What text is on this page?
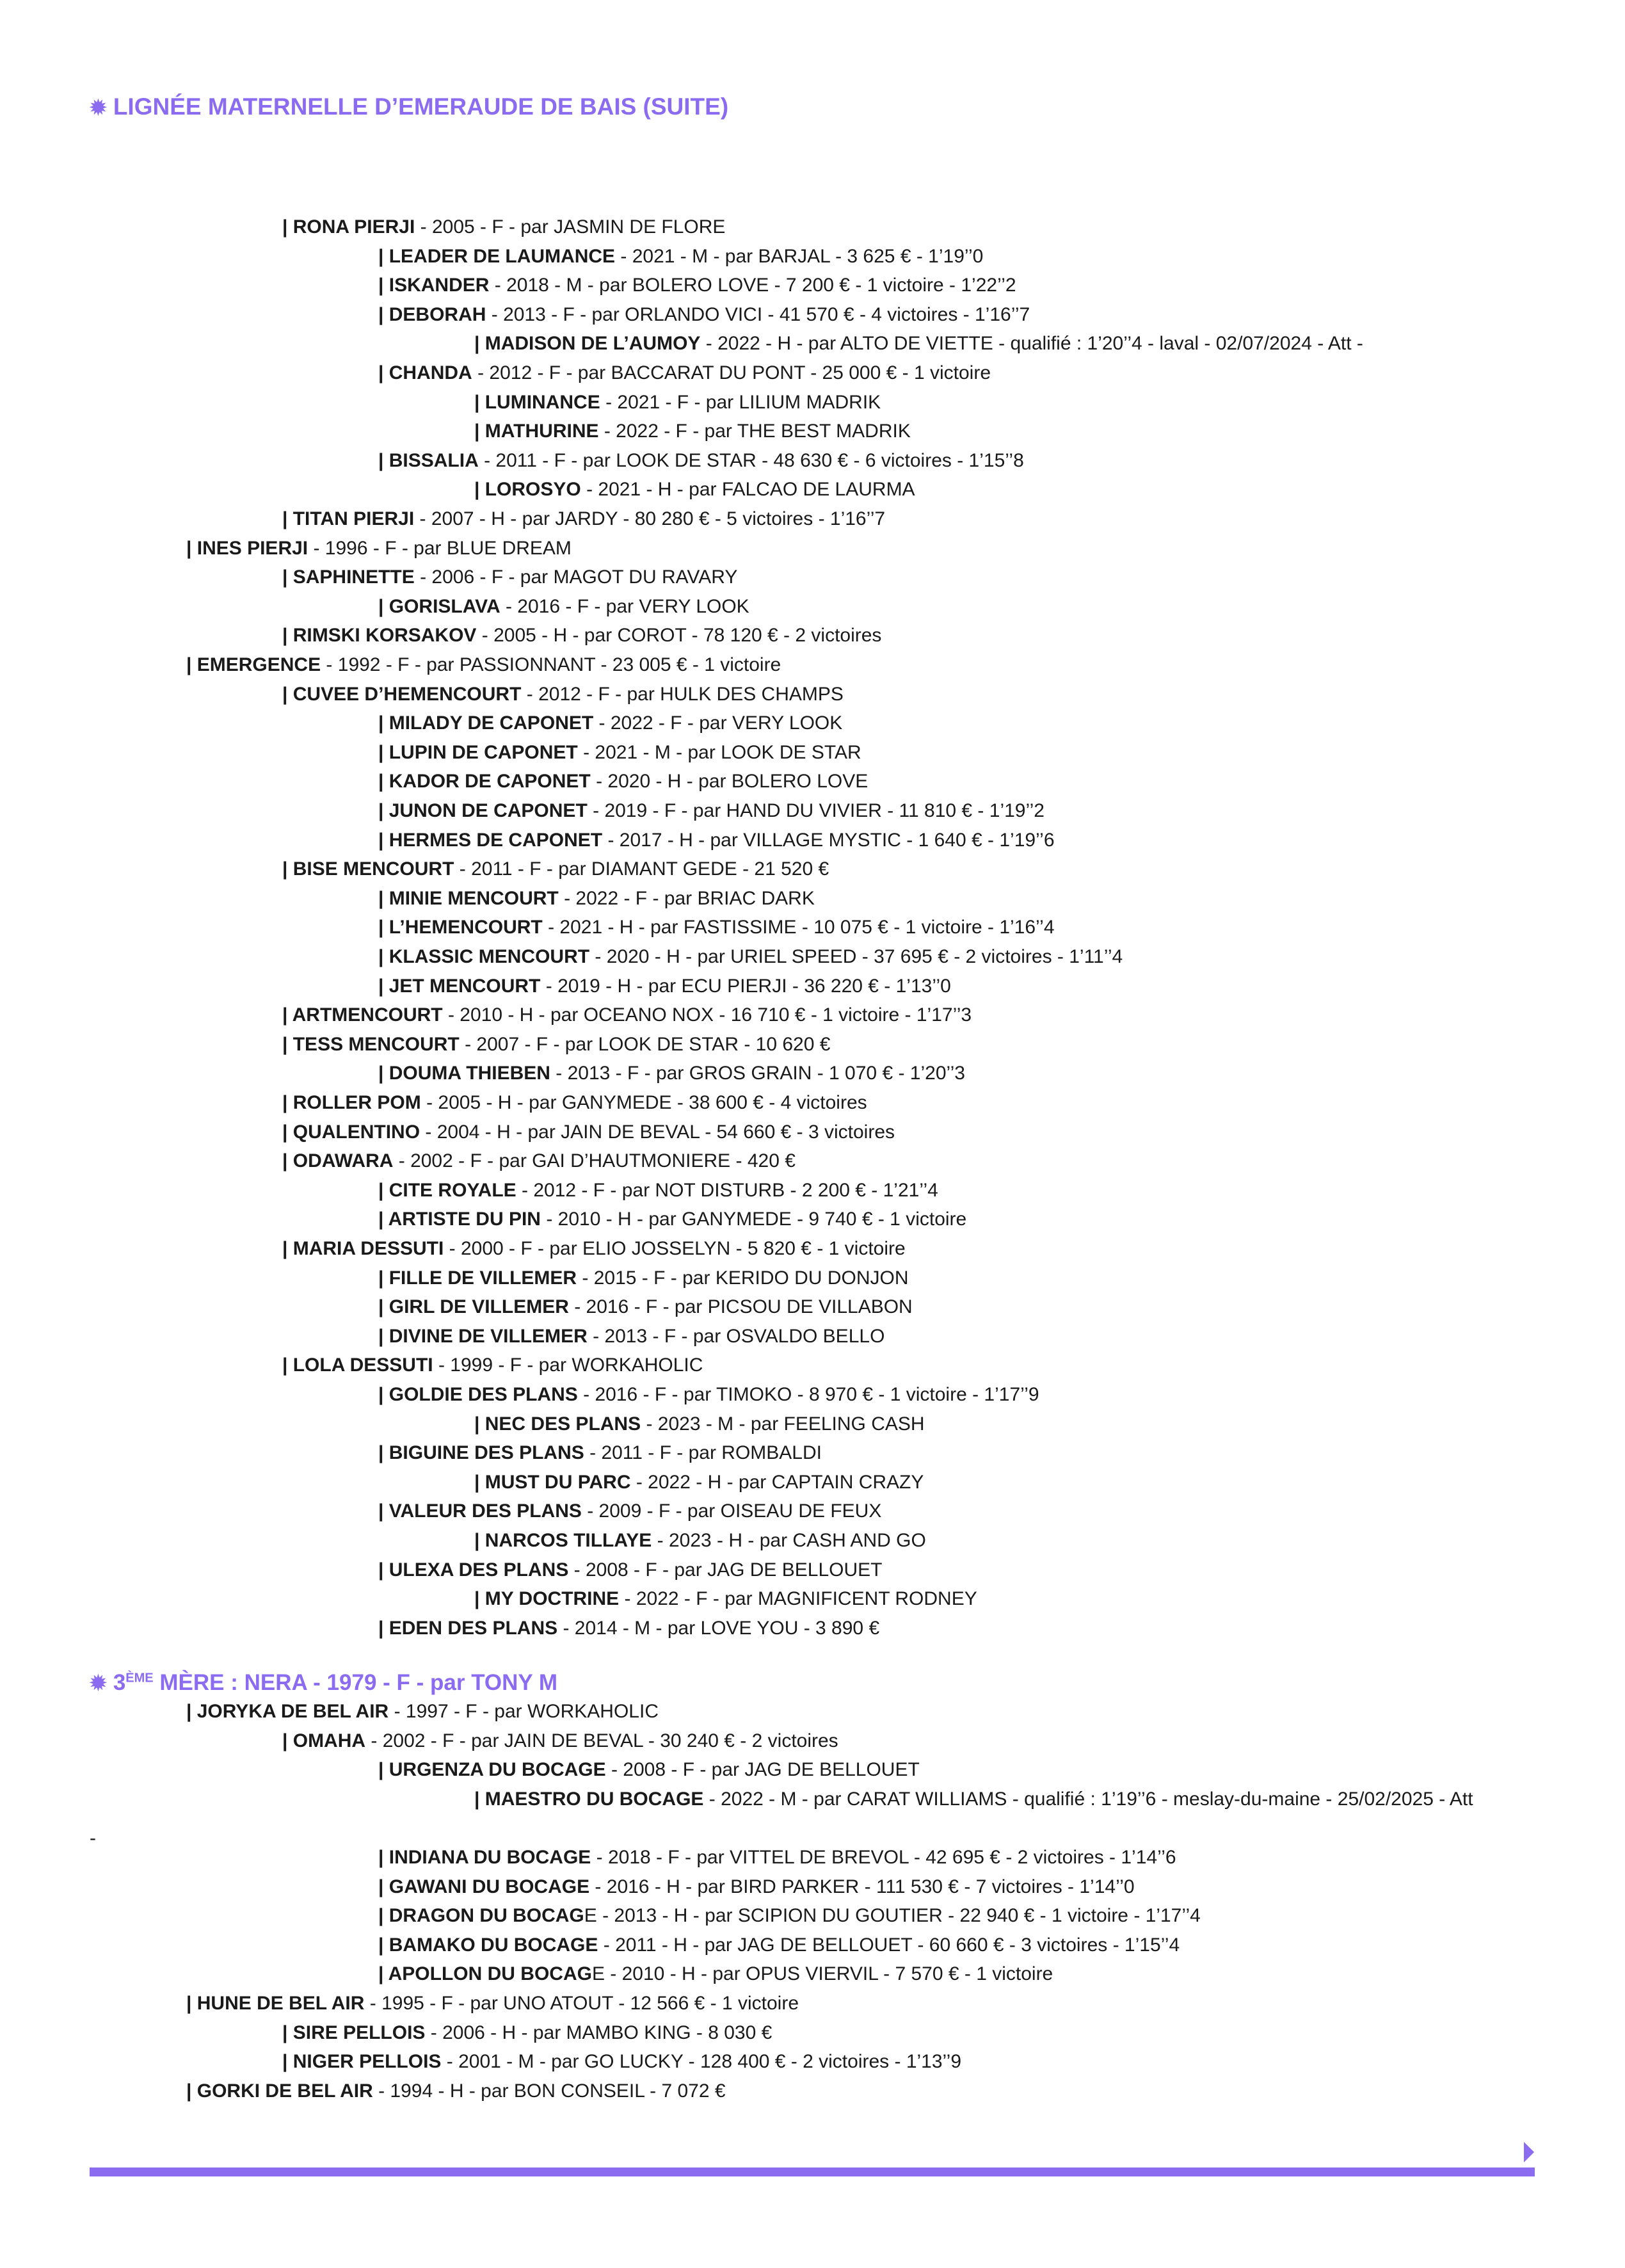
✹ LIGNÉE MATERNELLE D’EMERAUDE DE BAIS (SUITE)
| RONA PIERJI - 2005 - F - par JASMIN DE FLORE
| LEADER DE LAUMANCE - 2021 - M - par BARJAL - 3 625 € - 1’19’’0
| ISKANDER - 2018 - M - par BOLERO LOVE - 7 200 € - 1 victoire - 1’22’’2
| DEBORAH - 2013 - F - par ORLANDO VICI - 41 570 € - 4 victoires - 1’16’’7
| MADISON DE L’AUMOY - 2022 - H - par ALTO DE VIETTE - qualifié : 1’20’’4 - laval - 02/07/2024 - Att -
| CHANDA - 2012 - F - par BACCARAT DU PONT - 25 000 € - 1 victoire
| LUMINANCE - 2021 - F - par LILIUM MADRIK
| MATHURINE - 2022 - F - par THE BEST MADRIK
| BISSALIA - 2011 - F - par LOOK DE STAR - 48 630 € - 6 victoires - 1’15’’8
| LOROSYO - 2021 - H - par FALCAO DE LAURMA
| TITAN PIERJI - 2007 - H - par JARDY - 80 280 € - 5 victoires - 1’16’’7
| INES PIERJI - 1996 - F - par BLUE DREAM
| SAPHINETTE - 2006 - F - par MAGOT DU RAVARY
| GORISLAVA - 2016 - F - par VERY LOOK
| RIMSKI KORSAKOV - 2005 - H - par COROT - 78 120 € - 2 victoires
| EMERGENCE - 1992 - F - par PASSIONNANT - 23 005 € - 1 victoire
| CUVEE D’HEMENCOURT - 2012 - F - par HULK DES CHAMPS
| MILADY DE CAPONET - 2022 - F - par VERY LOOK
| LUPIN DE CAPONET - 2021 - M - par LOOK DE STAR
| KADOR DE CAPONET - 2020 - H - par BOLERO LOVE
| JUNON DE CAPONET - 2019 - F - par HAND DU VIVIER - 11 810 € - 1’19’’2
| HERMES DE CAPONET - 2017 - H - par VILLAGE MYSTIC - 1 640 € - 1’19’’6
| BISE MENCOURT - 2011 - F - par DIAMANT GEDE - 21 520 €
| MINIE MENCOURT - 2022 - F - par BRIAC DARK
| L’HEMENCOURT - 2021 - H - par FASTISSIME - 10 075 € - 1 victoire - 1’16’’4
| KLASSIC MENCOURT - 2020 - H - par URIEL SPEED - 37 695 € - 2 victoires - 1’11’’4
| JET MENCOURT - 2019 - H - par ECU PIERJI - 36 220 € - 1’13’’0
| ARTMENCOURT - 2010 - H - par OCEANO NOX - 16 710 € - 1 victoire - 1’17’’3
| TESS MENCOURT - 2007 - F - par LOOK DE STAR - 10 620 €
| DOUMA THIEBEN - 2013 - F - par GROS GRAIN - 1 070 € - 1’20’’3
| ROLLER POM - 2005 - H - par GANYMEDE - 38 600 € - 4 victoires
| QUALENTINO - 2004 - H - par JAIN DE BEVAL - 54 660 € - 3 victoires
| ODAWARA - 2002 - F - par GAI D’HAUTMONIERE - 420 €
| CITE ROYALE - 2012 - F - par NOT DISTURB - 2 200 € - 1’21’’4
| ARTISTE DU PIN - 2010 - H - par GANYMEDE - 9 740 € - 1 victoire
| MARIA DESSUTI - 2000 - F - par ELIO JOSSELYN - 5 820 € - 1 victoire
| FILLE DE VILLEMER - 2015 - F - par KERIDO DU DONJON
| GIRL DE VILLEMER - 2016 - F - par PICSOU DE VILLABON
| DIVINE DE VILLEMER - 2013 - F - par OSVALDO BELLO
| LOLA DESSUTI - 1999 - F - par WORKAHOLIC
| GOLDIE DES PLANS - 2016 - F - par TIMOKO - 8 970 € - 1 victoire - 1’17’’9
| NEC DES PLANS - 2023 - M - par FEELING CASH
| BIGUINE DES PLANS - 2011 - F - par ROMBALDI
| MUST DU PARC - 2022 - H - par CAPTAIN CRAZY
| VALEUR DES PLANS - 2009 - F - par OISEAU DE FEUX
| NARCOS TILLAYE - 2023 - H - par CASH AND GO
| ULEXA DES PLANS - 2008 - F - par JAG DE BELLOUET
| MY DOCTRINE - 2022 - F - par MAGNIFICENT RODNEY
| EDEN DES PLANS - 2014 - M - par LOVE YOU - 3 890 €
✹ 3ÈME MÈRE : NERA - 1979 - F - par TONY M
| JORYKA DE BEL AIR - 1997 - F - par WORKAHOLIC
| OMAHA - 2002 - F - par JAIN DE BEVAL - 30 240 € - 2 victoires
| URGENZA DU BOCAGE - 2008 - F - par JAG DE BELLOUET
| MAESTRO DU BOCAGE - 2022 - M - par CARAT WILLIAMS - qualifié : 1’19’’6 - meslay-du-maine - 25/02/2025 - Att
| INDIANA DU BOCAGE - 2018 - F - par VITTEL DE BREVOL - 42 695 € - 2 victoires - 1’14’’6
| GAWANI DU BOCAGE - 2016 - H - par BIRD PARKER - 111 530 € - 7 victoires - 1’14’’0
| DRAGON DU BOCAGE - 2013 - H - par SCIPION DU GOUTIER - 22 940 € - 1 victoire - 1’17’’4
| BAMAKO DU BOCAGE - 2011 - H - par JAG DE BELLOUET - 60 660 € - 3 victoires - 1’15’’4
| APOLLON DU BOCAGE - 2010 - H - par OPUS VIERVIL - 7 570 € - 1 victoire
| HUNE DE BEL AIR - 1995 - F - par UNO ATOUT - 12 566 € - 1 victoire
| SIRE PELLOIS - 2006 - H - par MAMBO KING - 8 030 €
| NIGER PELLOIS - 2001 - M - par GO LUCKY - 128 400 € - 2 victoires - 1’13’’9
| GORKI DE BEL AIR - 1994 - H - par BON CONSEIL - 7 072 €
-
